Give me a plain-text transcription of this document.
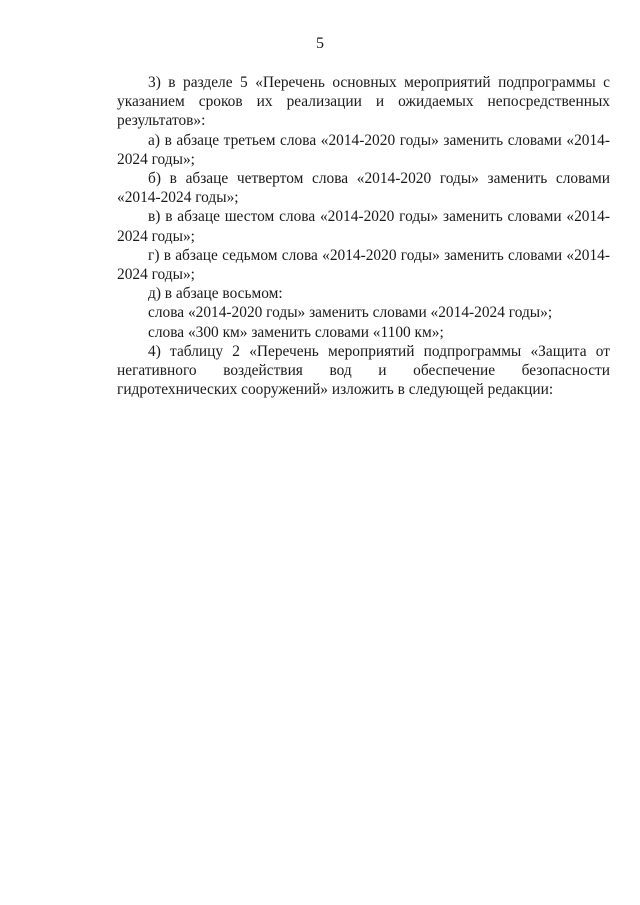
5

3) в разделе 5 «Перечень основных мероприятий подпрограммы с указанием сроков их реализации и ожидаемых непосредственных результатов»:

а) в абзаце третьем слова «2014-2020 годы» заменить словами «2014-2024 годы»;

б) в абзаце четвертом слова «2014-2020 годы» заменить словами «2014-2024 годы»;

в) в абзаце шестом слова «2014-2020 годы» заменить словами «2014-2024 годы»;

г) в абзаце седьмом слова «2014-2020 годы» заменить словами «2014-2024 годы»;

д) в абзаце восьмом:

слова «2014-2020 годы» заменить словами «2014-2024 годы»;

слова «300 км» заменить словами «1100 км»;

4) таблицу 2 «Перечень мероприятий подпрограммы «Защита от негативного воздействия вод и обеспечение безопасности гидротехнических сооружений» изложить в следующей редакции:
